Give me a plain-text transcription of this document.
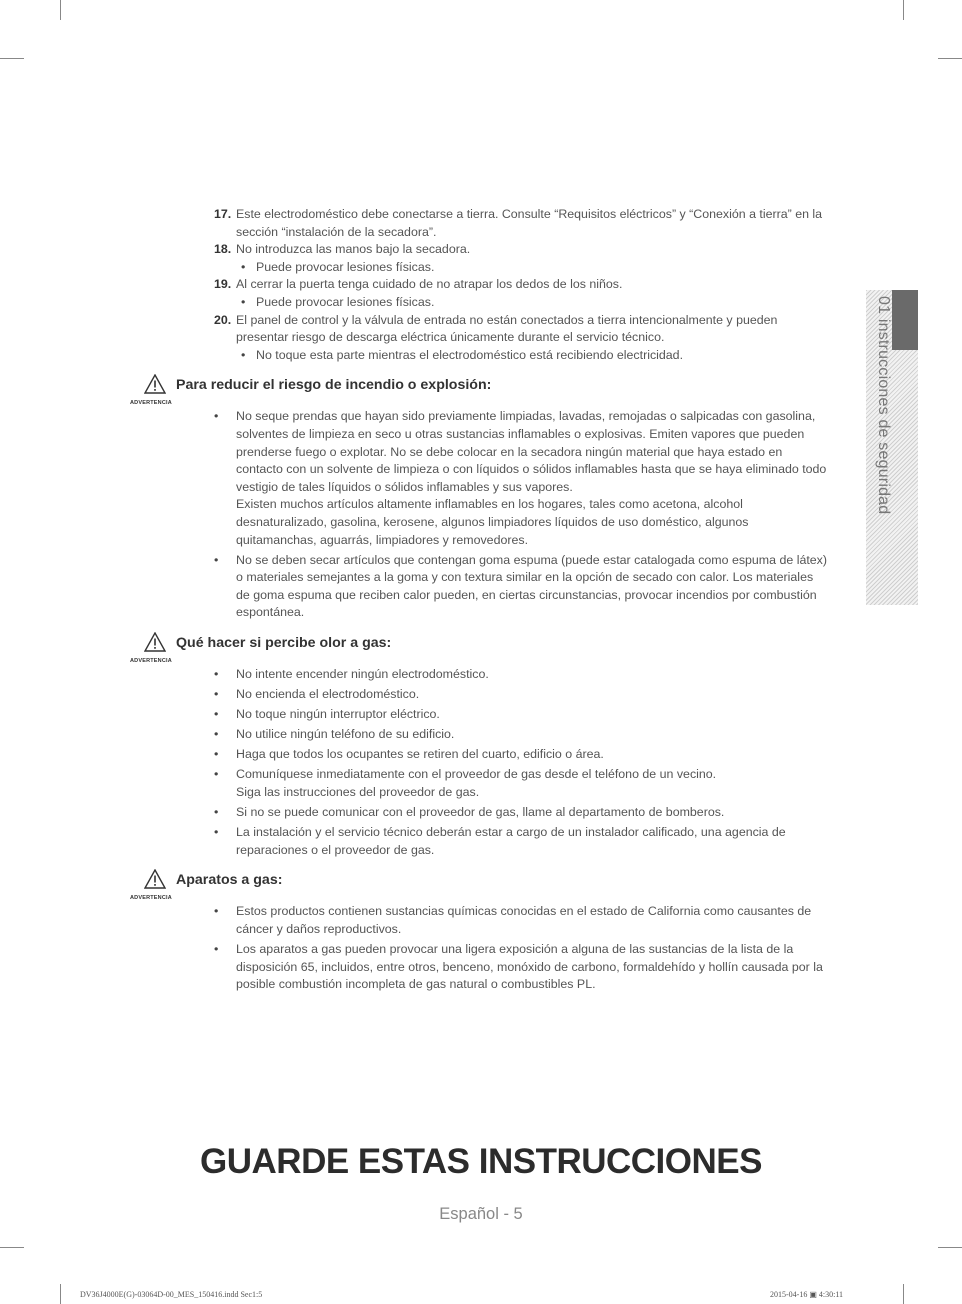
17. Este electrodoméstico debe conectarse a tierra. Consulte “Requisitos eléctricos” y “Conexión a tierra” en la sección “instalación de la secadora”.
18. No introduzca las manos bajo la secadora.
• Puede provocar lesiones físicas.
19. Al cerrar la puerta tenga cuidado de no atrapar los dedos de los niños.
• Puede provocar lesiones físicas.
20. El panel de control y la válvula de entrada no están conectados a tierra intencionalmente y pueden presentar riesgo de descarga eléctrica únicamente durante el servicio técnico.
• No toque esta parte mientras el electrodoméstico está recibiendo electricidad.
ADVERTENCIA
Para reducir el riesgo de incendio o explosión:
• No seque prendas que hayan sido previamente limpiadas, lavadas, remojadas o salpicadas con gasolina, solventes de limpieza en seco u otras sustancias inflamables o explosivas. Emiten vapores que pueden prenderse fuego o explotar. No se debe colocar en la secadora ningún material que haya estado en contacto con un solvente de limpieza o con líquidos o sólidos inflamables hasta que se haya eliminado todo vestigio de tales líquidos o sólidos inflamables y sus vapores.
Existen muchos artículos altamente inflamables en los hogares, tales como acetona, alcohol desnaturalizado, gasolina, kerosene, algunos limpiadores líquidos de uso doméstico, algunos quitamanchas, aguarrás, limpiadores y removedores.
• No se deben secar artículos que contengan goma espuma (puede estar catalogada como espuma de látex) o materiales semejantes a la goma y con textura similar en la opción de secado con calor. Los materiales de goma espuma que reciben calor pueden, en ciertas circunstancias, provocar incendios por combustión espontánea.
ADVERTENCIA
Qué hacer si percibe olor a gas:
• No intente encender ningún electrodoméstico.
• No encienda el electrodoméstico.
• No toque ningún interruptor eléctrico.
• No utilice ningún teléfono de su edificio.
• Haga que todos los ocupantes se retiren del cuarto, edificio o área.
• Comuníquese inmediatamente con el proveedor de gas desde el teléfono de un vecino.
Siga las instrucciones del proveedor de gas.
• Si no se puede comunicar con el proveedor de gas, llame al departamento de bomberos.
• La instalación y el servicio técnico deberán estar a cargo de un instalador calificado, una agencia de reparaciones o el proveedor de gas.
ADVERTENCIA
Aparatos a gas:
• Estos productos contienen sustancias químicas conocidas en el estado de California como causantes de cáncer y daños reproductivos.
• Los aparatos a gas pueden provocar una ligera exposición a alguna de las sustancias de la lista de la disposición 65, incluidos, entre otros, benceno, monóxido de carbono, formaldehído y hollín causada por la posible combustión incompleta de gas natural o combustibles PL.
01 instrucciones de seguridad
GUARDE ESTAS INSTRUCCIONES
Español - 5
DV36J4000E(G)-03064D-00_MES_150416.indd Sec1:5	2015-04-16 ▣ 4:30:11
